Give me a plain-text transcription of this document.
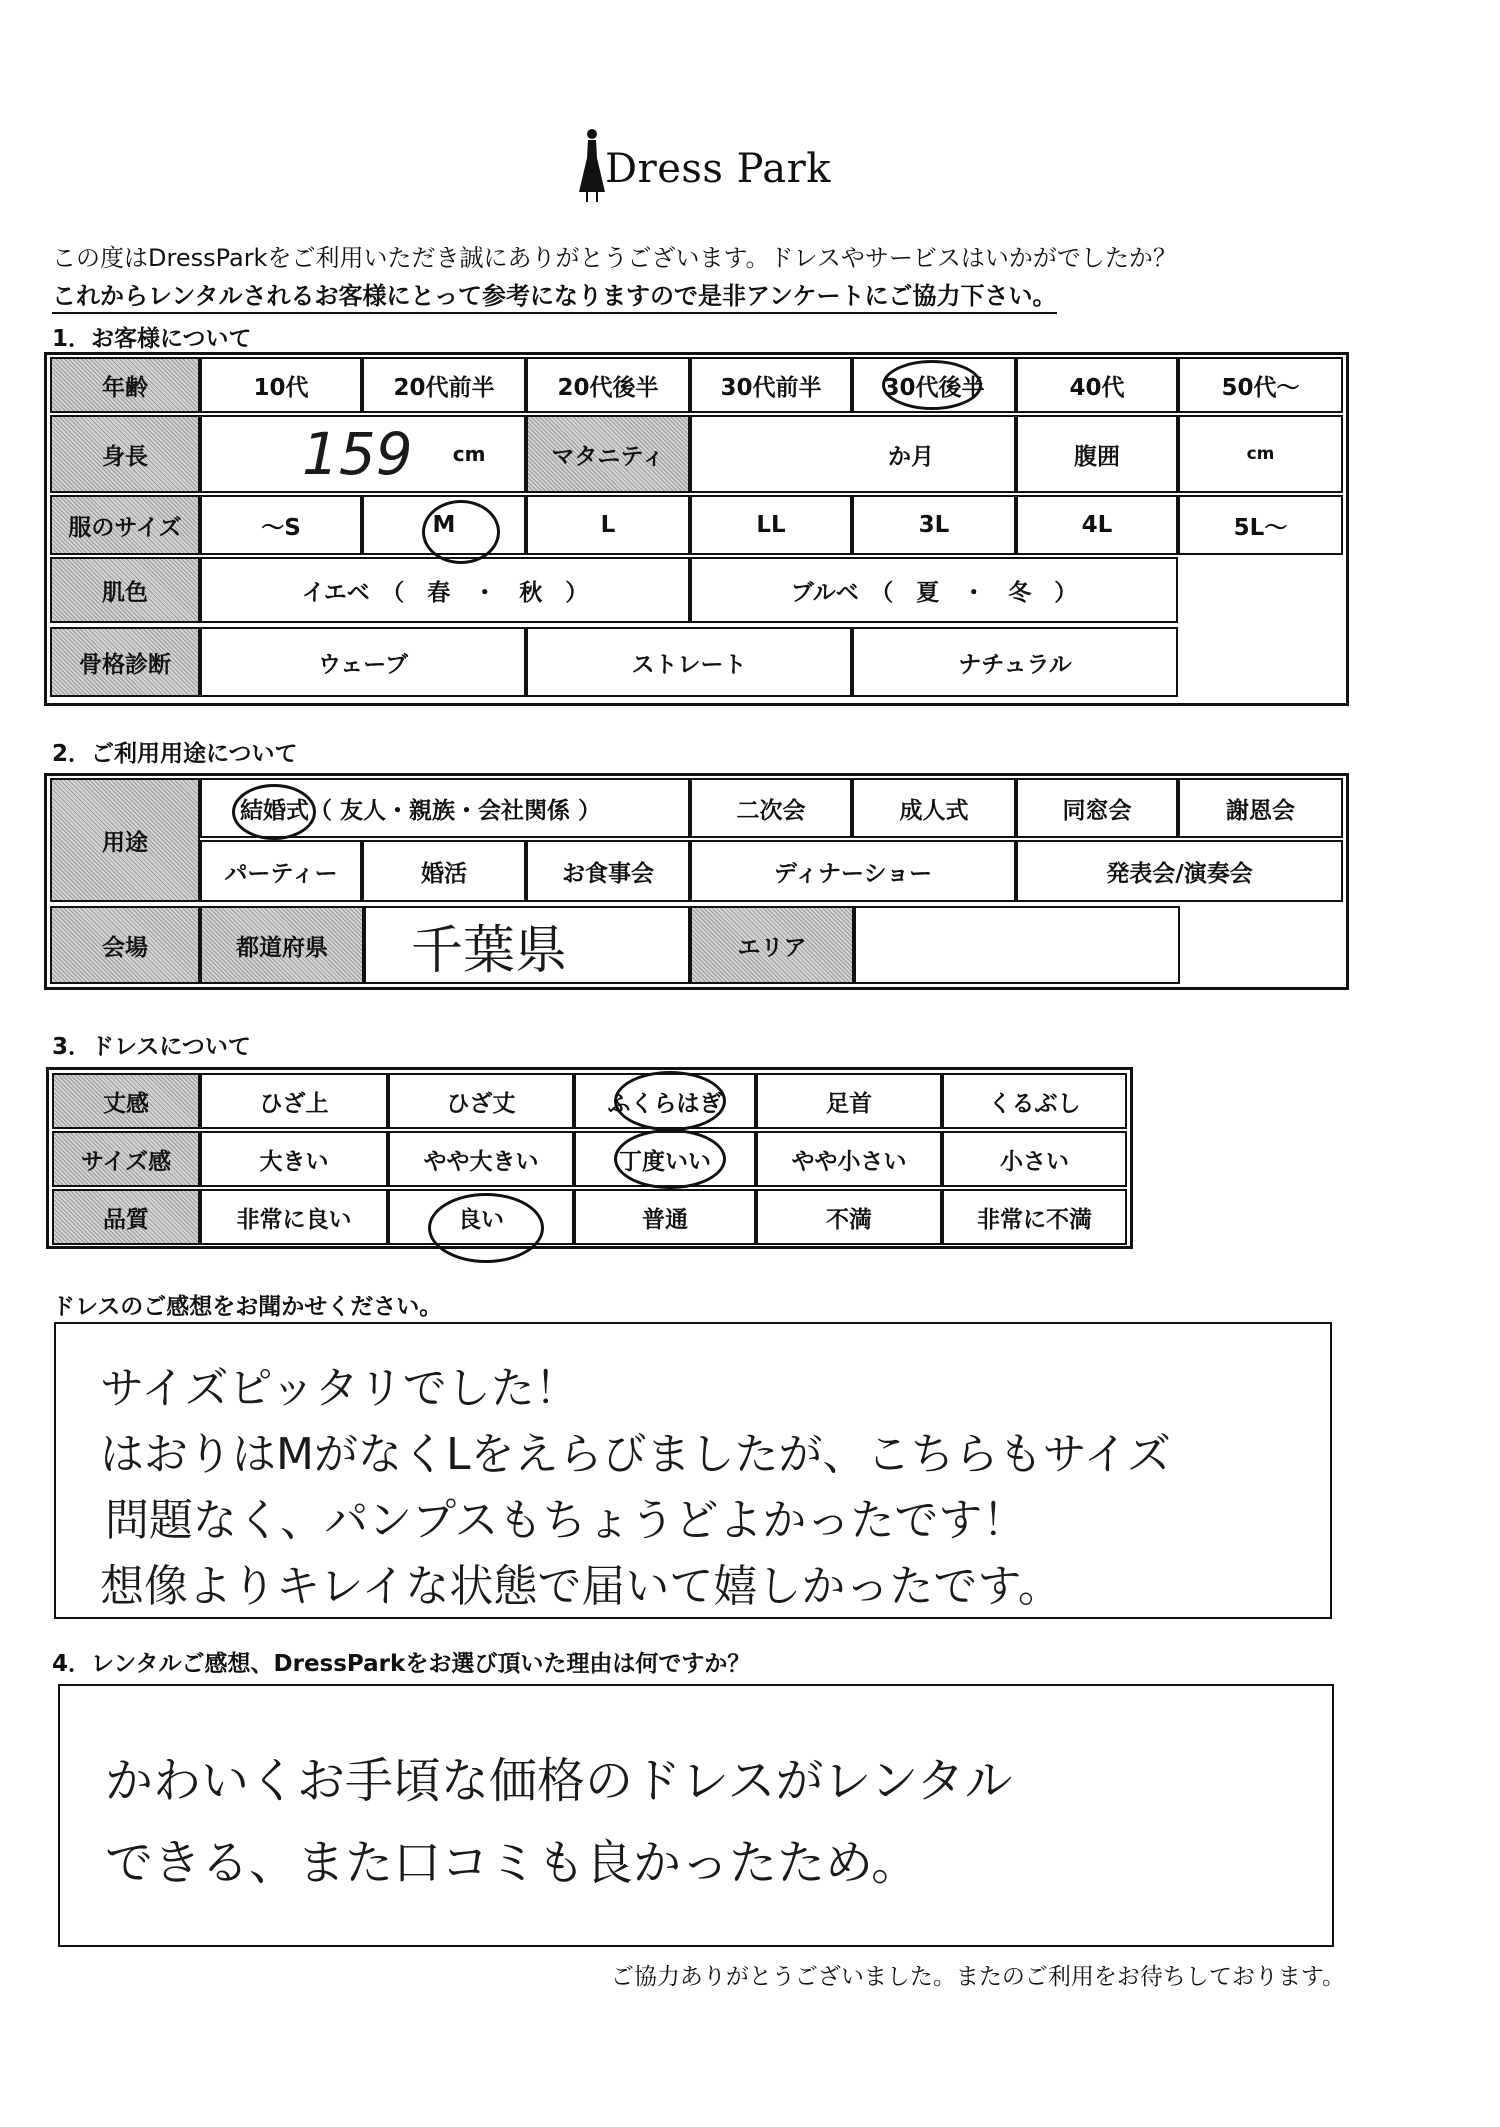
Dress Park
この度はDressParkをご利用いただき誠にありがとうございます。ドレスやサービスはいかがでしたか？
これからレンタルされるお客様にとって参考になりますので是非アンケートにご協力下さい。
1．お客様について
年齢	10代	20代前半	20代後半	30代前半	30代後半	40代	50代～
身長	159 cm	マタニティ	か月	腹囲	cm
服のサイズ	～S	M	L	LL	3L	4L	5L～
肌色	イエベ　（　春　・　秋　）	ブルベ　（　夏　・　冬　）
骨格診断	ウェーブ	ストレート	ナチュラル
2．ご利用用途について
用途
結婚式 （ 友人・親族・会社関係 ）	二次会	成人式	同窓会	謝恩会
パーティー	婚活	お食事会	ディナーショー	発表会/演奏会
会場	都道府県	千葉県	エリア
3．ドレスについて
丈感	ひざ上	ひざ丈	ふくらはぎ	足首	くるぶし
サイズ感	大きい	やや大きい	丁度いい	やや小さい	小さい
品質	非常に良い	良い	普通	不満	非常に不満
ドレスのご感想をお聞かせください。
サイズピッタリでした！
はおりはMがなくLをえらびましたが、こちらもサイズ
問題なく、パンプスもちょうどよかったです！
想像よりキレイな状態で届いて嬉しかったです。
4．レンタルご感想、DressParkをお選び頂いた理由は何ですか？
かわいくお手頃な価格のドレスがレンタル
できる、また口コミも良かったため。
ご協力ありがとうございました。またのご利用をお待ちしております。
